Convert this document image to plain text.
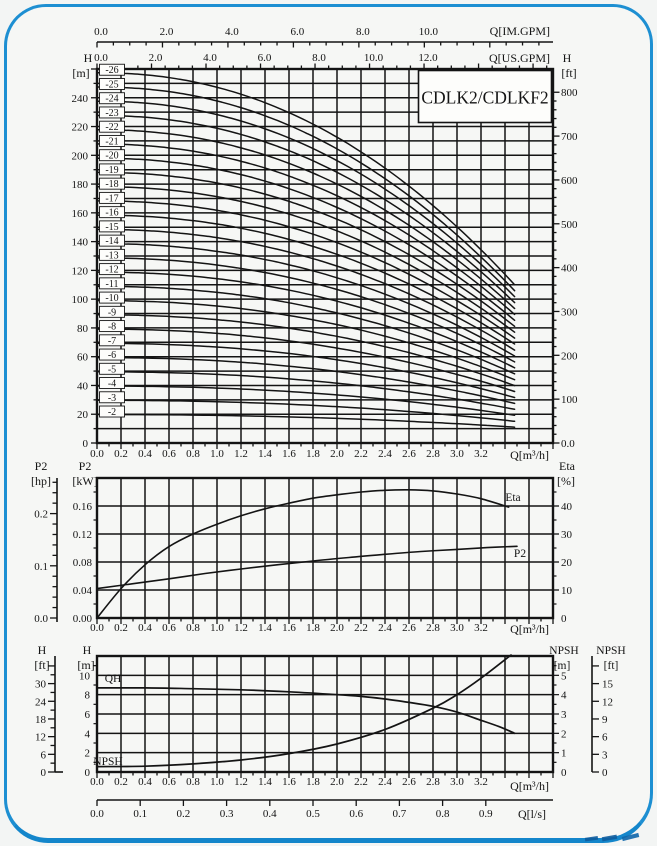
0.0	2.0	4.0	6.0	8.0	10.0
0.0	2.0	4.0	6.0	8.0	10.0	12.0
0
20
40
60
80
100
120
140
160
180
200
220
240
0.0
100
200
300
400
500
600
700
800
0.0 0.2 0.4 0.6 0.8 1.0 1.2 1.4 1.6 1.8 2.0 2.2 2.4 2.6 2.8 3.0 3.2
0.00
0.04
0.08
0.12
0.16
0.0
0.1
0.2
0
10
20
30
40
0.0 0.2 0.4 0.6 0.8 1.0 1.2 1.4 1.6 1.8 2.0 2.2 2.4 2.6 2.8 3.0 3.2
0
2
4
6
8
10
0
6
12
18
24
30
0
1
2
3
4
5
0
3
6
9
12
15
0.0 0.2 0.4 0.6 0.8 1.0 1.2 1.4 1.6 1.8 2.0 2.2 2.4 2.6 2.8 3.0 3.2
0.0	0.1	0.2	0.3	0.4	0.5	0.6	0.7	0.8	0.9
CDLK2/CDLKF2
Q[IM.GPM]
Q[US.GPM]
H
[m]
H
[ft]
Q[m³/h]
P2
[hp]
P2
[kW]
Eta
[%]
Q[m³/h]
H
[ft]
H
[m]
NPSH
[m]
NPSH
[ft]
Q[m³/h]
Q[l/s]
-2
-3
-4
-5
-6
-7
-8
-9
-10
-11
-12
-13
-14
-15
-16
-17
-18
-19
-20
-21
-22
-23
-24
-25
-26
Eta
P2
QH
NPSH
